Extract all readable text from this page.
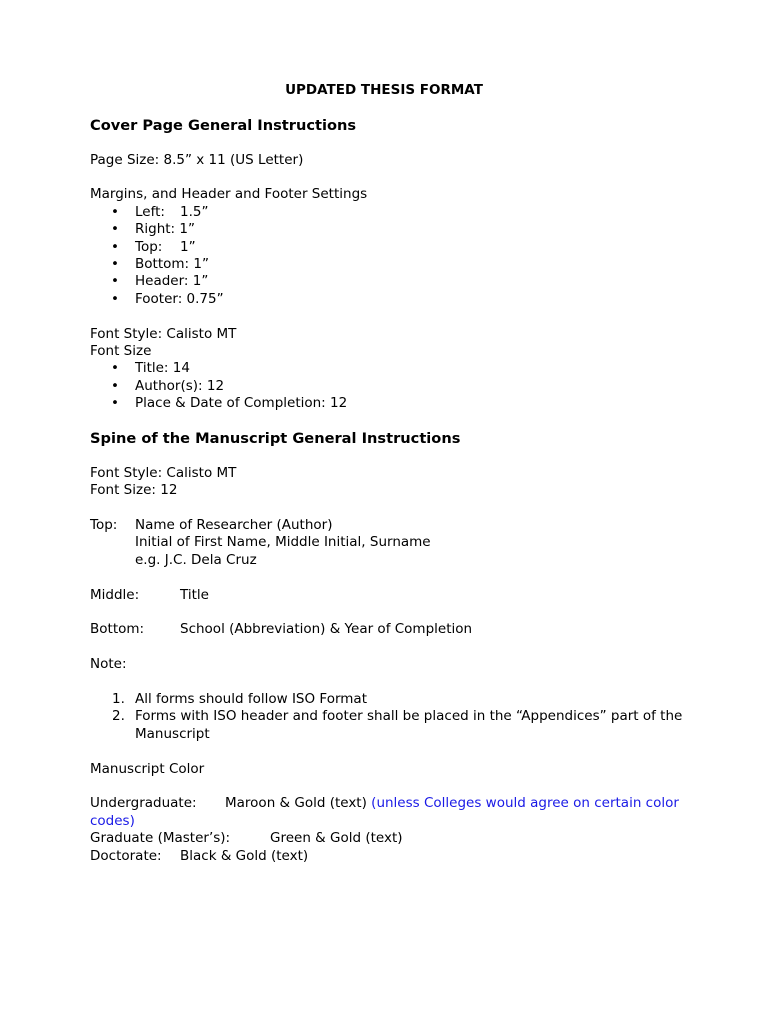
UPDATED THESIS FORMAT

Cover Page General Instructions

Page Size: 8.5” x 11 (US Letter)

Margins, and Header and Footer Settings

• Left: 1.5”
• Right: 1”
• Top: 1”
• Bottom: 1”
• Header: 1”
• Footer: 0.75”

Font Style: Calisto MT

Font Size

• Title: 14
• Author(s): 12
• Place & Date of Completion: 12

Spine of the Manuscript General Instructions

Font Style: Calisto MT

Font Size: 12

Top: Name of Researcher (Author)

Initial of First Name, Middle Initial, Surname

e.g. J.C. Dela Cruz

Middle:	Title

Bottom:	School (Abbreviation) & Year of Completion

Note:

1. All forms should follow ISO Format
2. Forms with ISO header and footer shall be placed in the “Appendices” part of the Manuscript

Manuscript Color

Undergraduate: Maroon & Gold (text) (unless Colleges would agree on certain color codes)

Graduate (Master’s):	Green & Gold (text)

Doctorate: Black & Gold (text)
